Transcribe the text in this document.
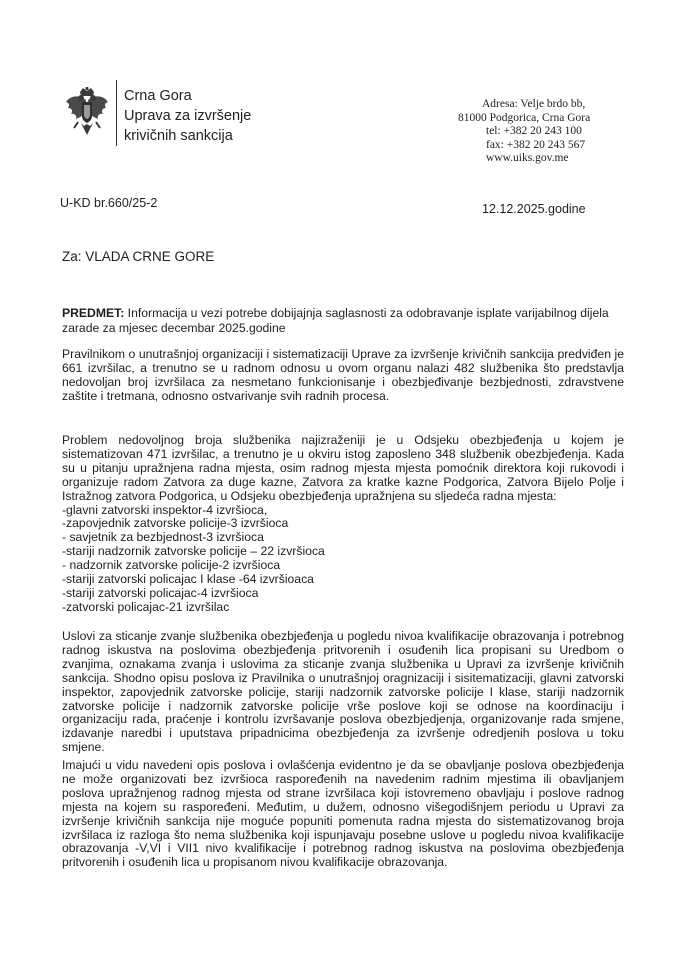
Crna Gora
Uprava za izvršenje
krivičnih sankcija
Adresa: Velje brdo bb,
81000 Podgorica, Crna Gora
tel: +382 20 243 100
fax: +382 20 243 567
www.uiks.gov.me
U-KD br.660/25-2	12.12.2025.godine
Za: VLADA CRNE GORE
PREDMET: Informacija u vezi potrebe dobijajnja saglasnosti za odobravanje isplate varijabilnog dijela zarade za mjesec decembar 2025.godine
Pravilnikom o unutrašnjoj organizaciji i sistematizaciji Uprave za izvršenje krivičnih sankcija predviđen je 661 izvršilac, a trenutno se u radnom odnosu u ovom organu nalazi 482 službenika što predstavlja nedovoljan broj izvršilaca za nesmetano funkcionisanje i obezbjeđivanje bezbjednosti, zdravstvene zaštite i tretmana, odnosno ostvarivanje svih radnih procesa.
Problem nedovoljnog broja službenika najizraženiji je u Odsjeku obezbjeđenja u kojem je sistematizovan 471 izvršilac, a trenutno je u okviru istog zaposleno 348 službenik obezbjeđenja. Kada su u pitanju upražnjena radna mjesta, osim radnog mjesta mjesta pomoćnik direktora koji rukovodi i organizuje radom Zatvora za duge kazne, Zatvora za kratke kazne Podgorica, Zatvora Bijelo Polje i Istražnog zatvora Podgorica, u Odsjeku obezbjeđenja upražnjena su sljedeća radna mjesta:
-glavni zatvorski inspektor-4 izvršioca,
-zapovjednik zatvorske policije-3 izvršioca
- savjetnik za bezbjednost-3 izvršioca
-stariji nadzornik zatvorske policije – 22 izvršioca
- nadzornik zatvorske policije-2 izvršioca
-stariji zatvorski policajac I klase -64 izvršioaca
-stariji zatvorski policajac-4 izvršioca
-zatvorski policajac-21 izvršilac
Uslovi za sticanje zvanje službenika obezbjeđenja u pogledu nivoa kvalifikacije obrazovanja i potrebnog radnog iskustva na poslovima obezbjeđenja pritvorenih i osuđenih lica propisani su Uredbom o zvanjima, oznakama zvanja i uslovima za sticanje zvanja službenika u Upravi za izvršenje krivičnih sankcija. Shodno opisu poslova iz Pravilnika o unutrašnjoj oragnizaciji i sisitematizaciji, glavni zatvorski inspektor, zapovjednik zatvorske policije, stariji nadzornik zatvorske policije I klase, stariji nadzornik zatvorske policije i nadzornik zatvorske policije vrše poslove koji se odnose na koordinaciju i organizaciju rada, praćenje i kontrolu izvršavanje poslova obezbjedjenja, organizovanje rada smjene, izdavanje naredbi i uputstava pripadnicima obezbjeđenja za izvršenje odredjenih poslova u toku smjene.
Imajući u vidu navedeni opis poslova i ovlašćenja evidentno je da se obavljanje poslova obezbjeđenja ne može organizovati bez izvršioca raspoređenih na navedenim radnim mjestima ili obavljanjem poslova upražnjenog radnog mjesta od strane izvršilaca koji istovremeno obavljaju i poslove radnog mjesta na kojem su raspoređeni. Međutim, u dužem, odnosno višegodišnjem periodu u Upravi za izvršenje krivičnih sankcija nije moguće popuniti pomenuta radna mjesta do sistematizovanog broja izvršilaca iz razloga što nema službenika koji ispunjavaju posebne uslove u pogledu nivoa kvalifikacije obrazovanja -V,VI i VII1 nivo kvalifikacije i potrebnog radnog iskustva na poslovima obezbjeđenja pritvorenih i osuđenih lica u propisanom nivou kvalifikacije obrazovanja.
